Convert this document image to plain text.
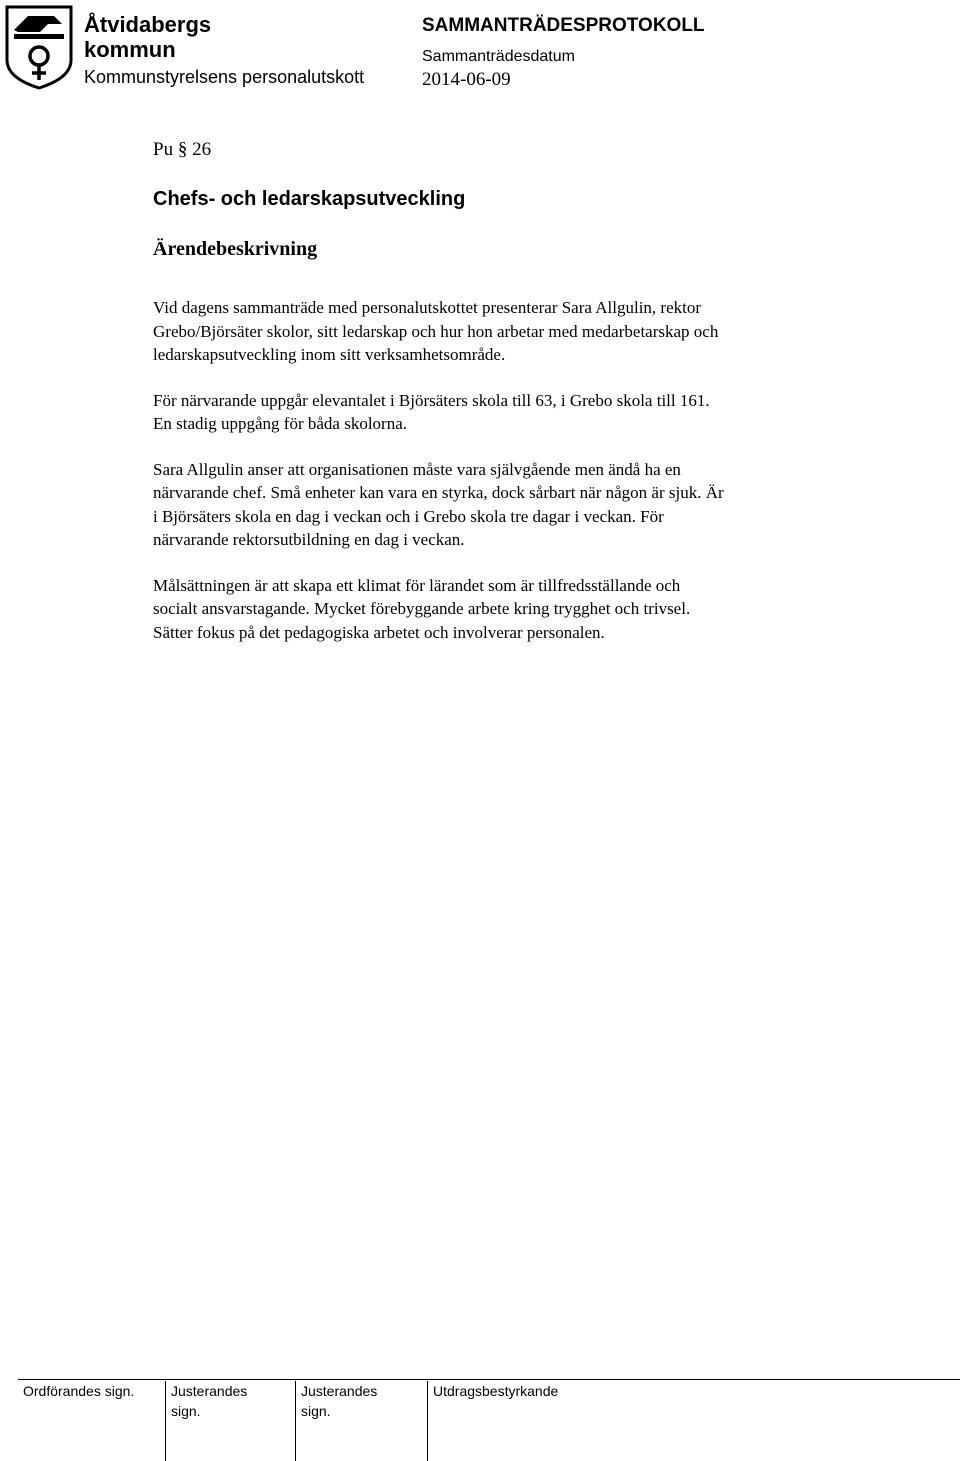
Åtvidabergs
kommun
Kommunstyrelsens personalutskott
SAMMANTRÄDESPROTOKOLL
Sammanträdesdatum
2014-06-09

Pu § 26

Chefs- och ledarskapsutveckling
Ärendebeskrivning

Vid dagens sammanträde med personalutskottet presenterar Sara Allgulin, rektor
Grebo/Björsäter skolor, sitt ledarskap och hur hon arbetar med medarbetarskap och
ledarskapsutveckling inom sitt verksamhetsområde.

För närvarande uppgår elevantalet i Björsäters skola till 63, i Grebo skola till 161.
En stadig uppgång för båda skolorna.

Sara Allgulin anser att organisationen måste vara självgående men ändå ha en
närvarande chef. Små enheter kan vara en styrka, dock sårbart när någon är sjuk. Är
i Björsäters skola en dag i veckan och i Grebo skola tre dagar i veckan. För
närvarande rektorsutbildning en dag i veckan.

Målsättningen är att skapa ett klimat för lärandet som är tillfredsställande och
socialt ansvarstagande. Mycket förebyggande arbete kring trygghet och trivsel.
Sätter fokus på det pedagogiska arbetet och involverar personalen.

Ordförandes sign.	Justerandes
sign.
Justerandes
sign.
Utdragsbestyrkande
